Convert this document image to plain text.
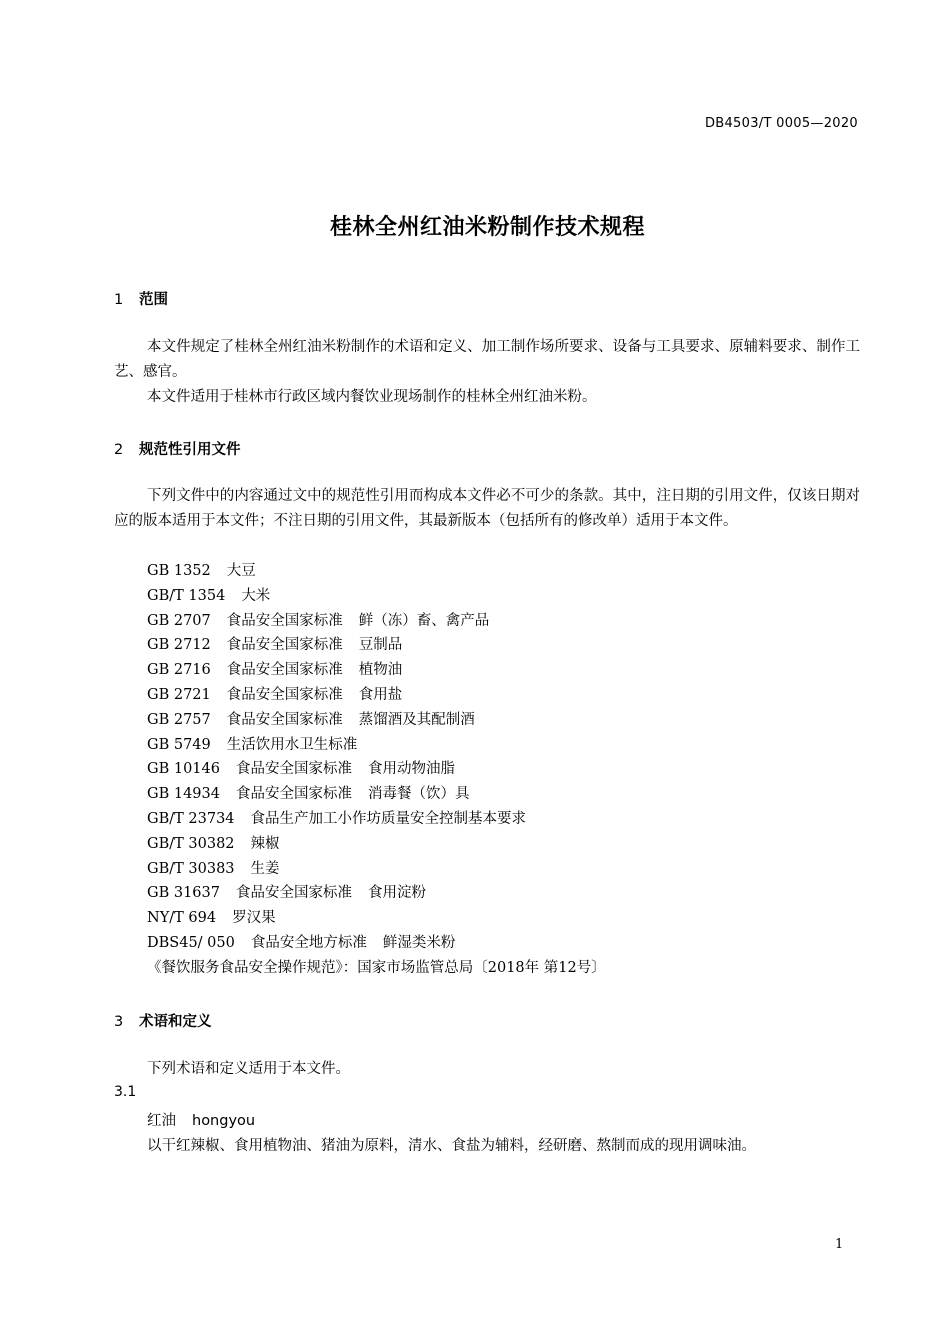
DB4503/T 0005—2020
桂林全州红油米粉制作技术规程
1 范围
本文件规定了桂林全州红油米粉制作的术语和定义、加工制作场所要求、设备与工具要求、原辅料要求、制作工艺、感官。
本文件适用于桂林市行政区域内餐饮业现场制作的桂林全州红油米粉。
2 规范性引用文件
下列文件中的内容通过文中的规范性引用而构成本文件必不可少的条款。其中，注日期的引用文件，仅该日期对应的版本适用于本文件；不注日期的引用文件，其最新版本（包括所有的修改单）适用于本文件。
GB 1352 大豆
GB/T 1354 大米
GB 2707 食品安全国家标准 鲜（冻）畜、禽产品
GB 2712 食品安全国家标准 豆制品
GB 2716 食品安全国家标准 植物油
GB 2721 食品安全国家标准 食用盐
GB 2757 食品安全国家标准 蒸馏酒及其配制酒
GB 5749 生活饮用水卫生标准
GB 10146 食品安全国家标准 食用动物油脂
GB 14934 食品安全国家标准 消毒餐（饮）具
GB/T 23734 食品生产加工小作坊质量安全控制基本要求
GB/T 30382 辣椒
GB/T 30383 生姜
GB 31637 食品安全国家标准 食用淀粉
NY/T 694 罗汉果
DBS45/ 050 食品安全地方标准 鲜湿类米粉
《餐饮服务食品安全操作规范》：国家市场监管总局〔2018年 第12号〕
3 术语和定义
下列术语和定义适用于本文件。
3.1
红油 hongyou
以干红辣椒、食用植物油、猪油为原料，清水、食盐为辅料，经研磨、熬制而成的现用调味油。
1
